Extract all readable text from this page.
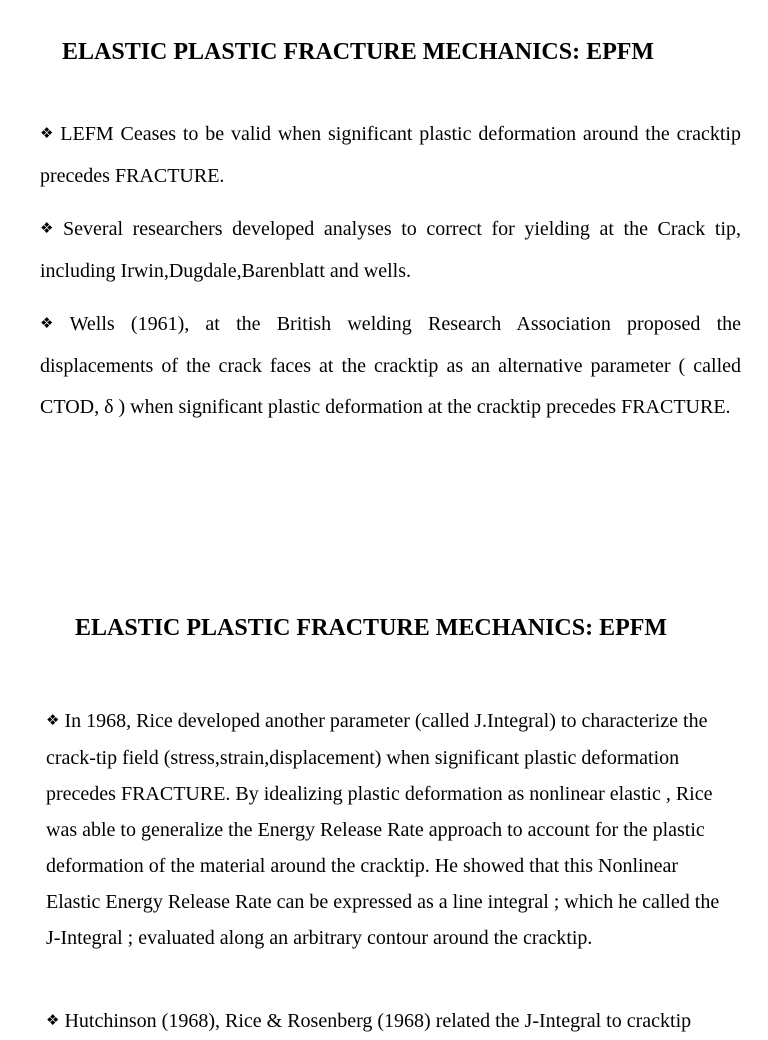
ELASTIC PLASTIC FRACTURE MECHANICS: EPFM

❖ LEFM Ceases to be valid when significant plastic deformation around the cracktip precedes FRACTURE.

❖ Several researchers developed analyses to correct for yielding at the Crack tip, including Irwin,Dugdale,Barenblatt and wells.

❖ Wells (1961), at the British welding Research Association proposed the displacements of the crack faces at the cracktip as an alternative parameter ( called CTOD, δ ) when significant plastic deformation at the cracktip precedes FRACTURE.

ELASTIC PLASTIC FRACTURE MECHANICS: EPFM

❖ In 1968, Rice developed another parameter (called J.Integral) to characterize the crack-tip field (stress,strain,displacement) when significant plastic deformation precedes FRACTURE. By idealizing plastic deformation as nonlinear elastic , Rice was able to generalize the Energy Release Rate approach to account for the plastic deformation of the material around the cracktip. He showed that this Nonlinear Elastic Energy Release Rate can be expressed as a line integral ; which he called the J-Integral ; evaluated along an arbitrary contour around the cracktip.

❖ Hutchinson (1968), Rice & Rosenberg (1968) related the J-Integral to cracktip
